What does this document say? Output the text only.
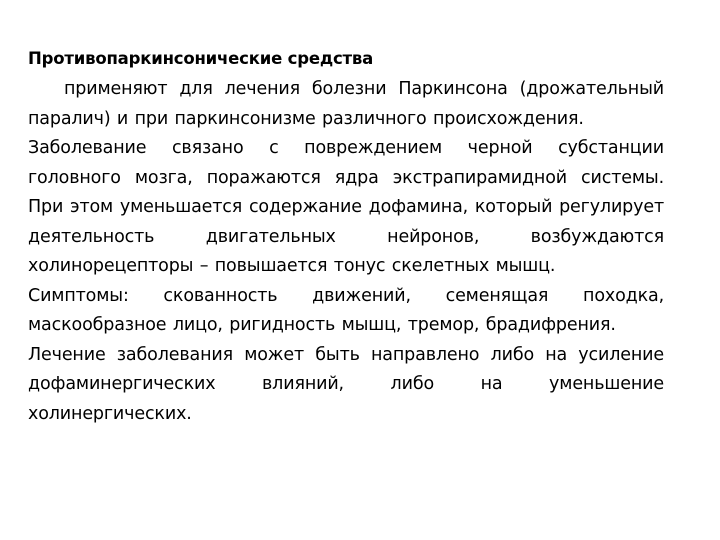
Противопаркинсонические средства

применяют для лечения болезни Паркинсона (дрожательный паралич) и при паркинсонизме различного происхождения.

Заболевание связано с повреждением черной субстанции головного мозга, поражаются ядра экстрапирамидной системы. При этом уменьшается содержание дофамина, который регулирует деятельность двигательных нейронов, возбуждаются холинорецепторы – повышается тонус скелетных мышц.

Симптомы: скованность движений, семенящая походка, маскообразное лицо, ригидность мышц, тремор, брадифрения.

Лечение заболевания может быть направлено либо на усиление дофаминергических влияний, либо на уменьшение холинергических.
